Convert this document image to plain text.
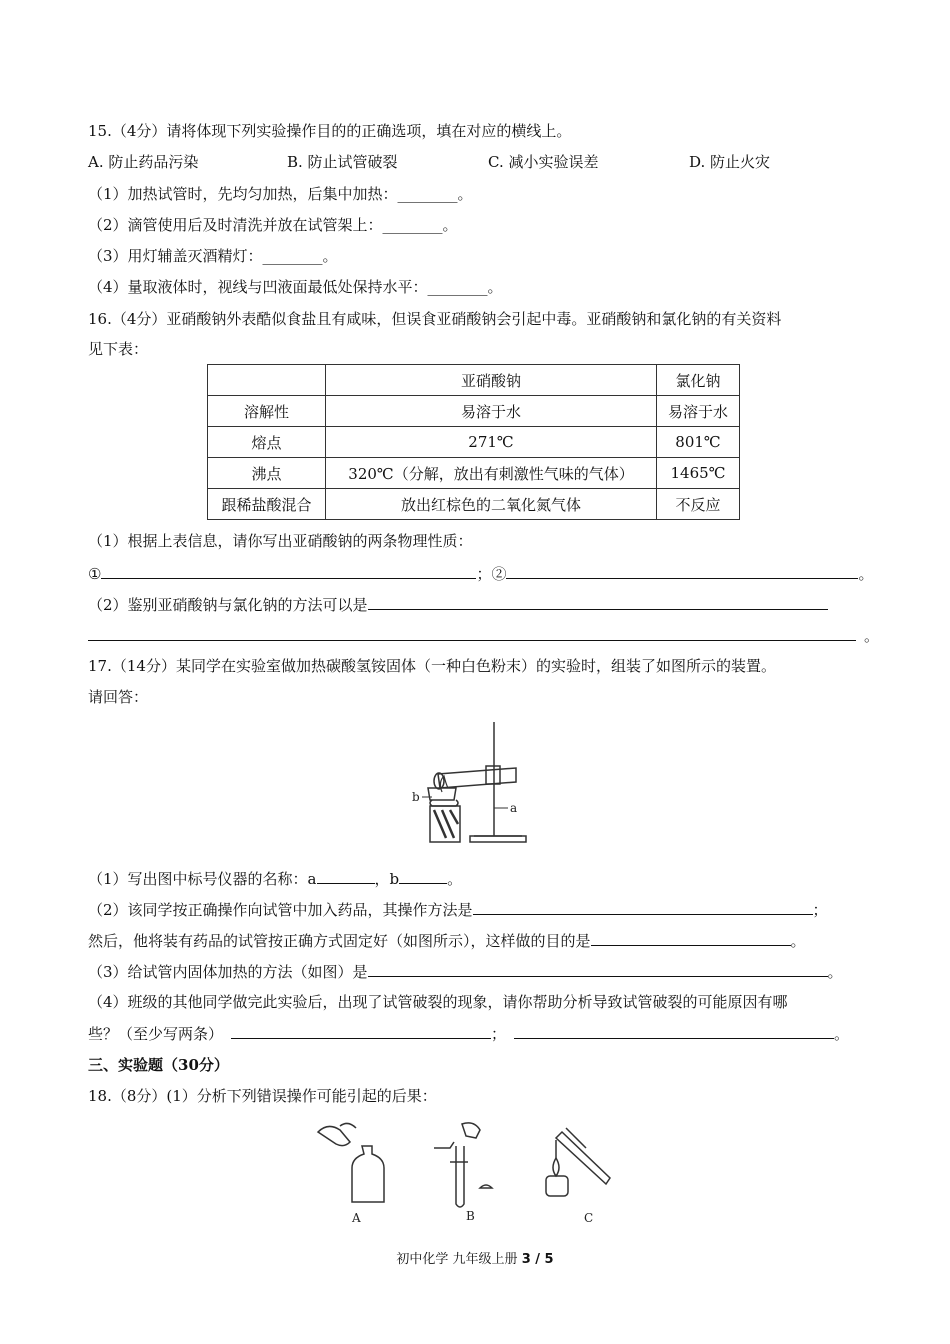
15.（4分）请将体现下列实验操作目的的正确选项，填在对应的横线上。
A. 防止药品污染	B. 防止试管破裂	C. 减小实验误差	D. 防止火灾
（1）加热试管时，先均匀加热，后集中加热：________。
（2）滴管使用后及时清洗并放在试管架上：________。
（3）用灯辅盖灭酒精灯：________。
（4）量取液体时，视线与凹液面最低处保持水平：________。
16.（4分）亚硝酸钠外表酷似食盐且有咸味，但误食亚硝酸钠会引起中毒。亚硝酸钠和氯化钠的有关资料
见下表：
	亚硝酸钠	氯化钠
溶解性	易溶于水	易溶于水
熔点	271℃	801℃
沸点	320℃（分解，放出有刺激性气味的气体）	1465℃
跟稀盐酸混合	放出红棕色的二氧化氮气体	不反应
（1）根据上表信息，请你写出亚硝酸钠的两条物理性质：
①	；②	。
（2）鉴别亚硝酸钠与氯化钠的方法可以是
。
17.（14分）某同学在实验室做加热碳酸氢铵固体（一种白色粉末）的实验时，组装了如图所示的装置。
请回答：
b
a
（1）写出图中标号仪器的名称：a	，b	。
（2）该同学按正确操作向试管中加入药品，其操作方法是	；
然后，他将装有药品的试管按正确方式固定好（如图所示），这样做的目的是	。
（3）给试管内固体加热的方法（如图）是	。
（4）班级的其他同学做完此实验后，出现了试管破裂的现象，请你帮助分析导致试管破裂的可能原因有哪
些？（至少写两条）	；	。
三、实验题（30分）
18.（8分）(1）分析下列错误操作可能引起的后果：
A	B	C
初中化学 九年级上册 3 / 5
